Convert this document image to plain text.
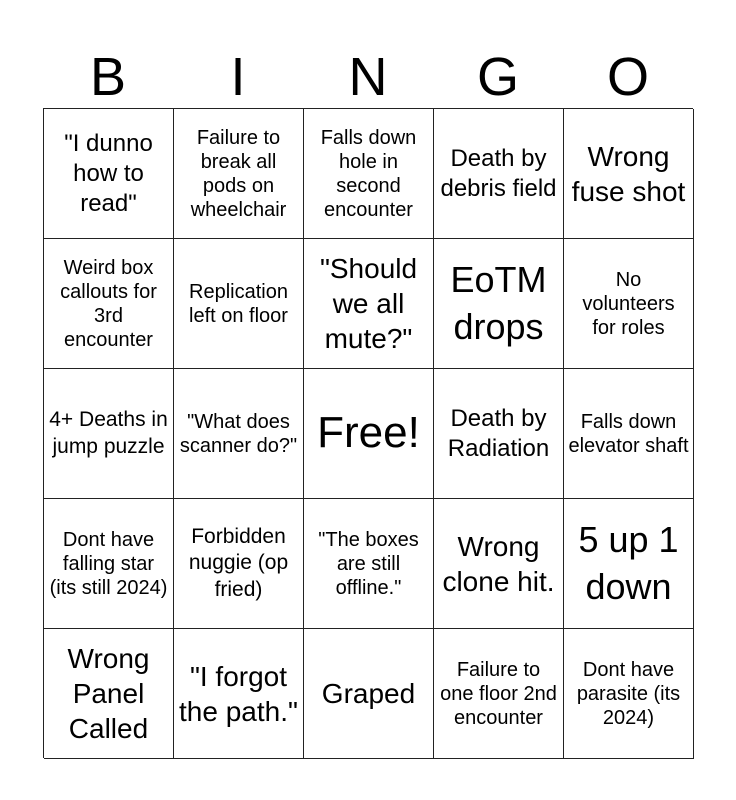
B	I	N	G	O
"I dunno how to read"
Failure to break all pods on wheelchair
Falls down hole in second encounter
Death by debris field
Wrong fuse shot
Weird box callouts for 3rd encounter
Replication left on floor
"Should we all mute?"
EoTM drops
No volunteers for roles
4+ Deaths in jump puzzle
"What does scanner do?" Free!	Death by Radiation
Falls down elevator shaft
Dont have falling star (its still 2024)
Forbidden nuggie (op fried)
"The boxes are still offline."
Wrong clone hit.
5 up 1 down
Wrong Panel Called
"I forgot the path."
Graped
Failure to one floor 2nd encounter
Dont have parasite (its 2024)
